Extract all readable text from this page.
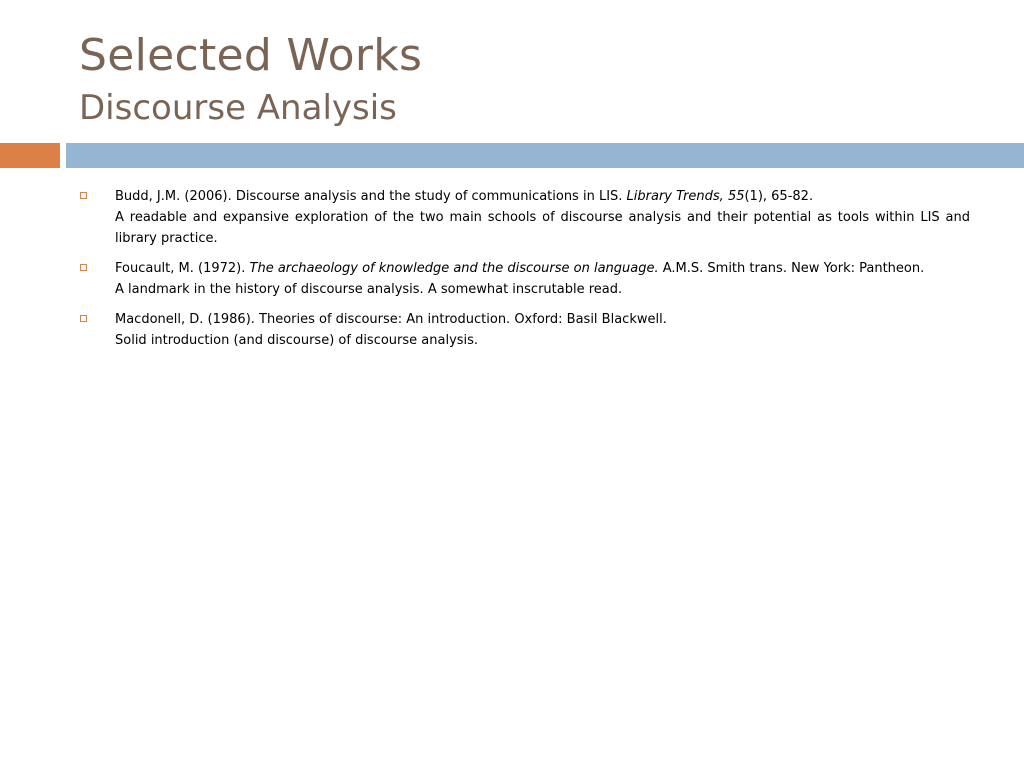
Selected Works
Discourse Analysis
Budd, J.M. (2006). Discourse analysis and the study of communications in LIS. Library Trends, 55(1), 65-82.
A readable and expansive exploration of the two main schools of discourse analysis and their potential as tools within LIS and library practice.
Foucault, M. (1972). The archaeology of knowledge and the discourse on language. A.M.S. Smith trans. New York: Pantheon.
A landmark in the history of discourse analysis. A somewhat inscrutable read.
Macdonell, D. (1986). Theories of discourse: An introduction. Oxford: Basil Blackwell.
Solid introduction (and discourse) of discourse analysis.
